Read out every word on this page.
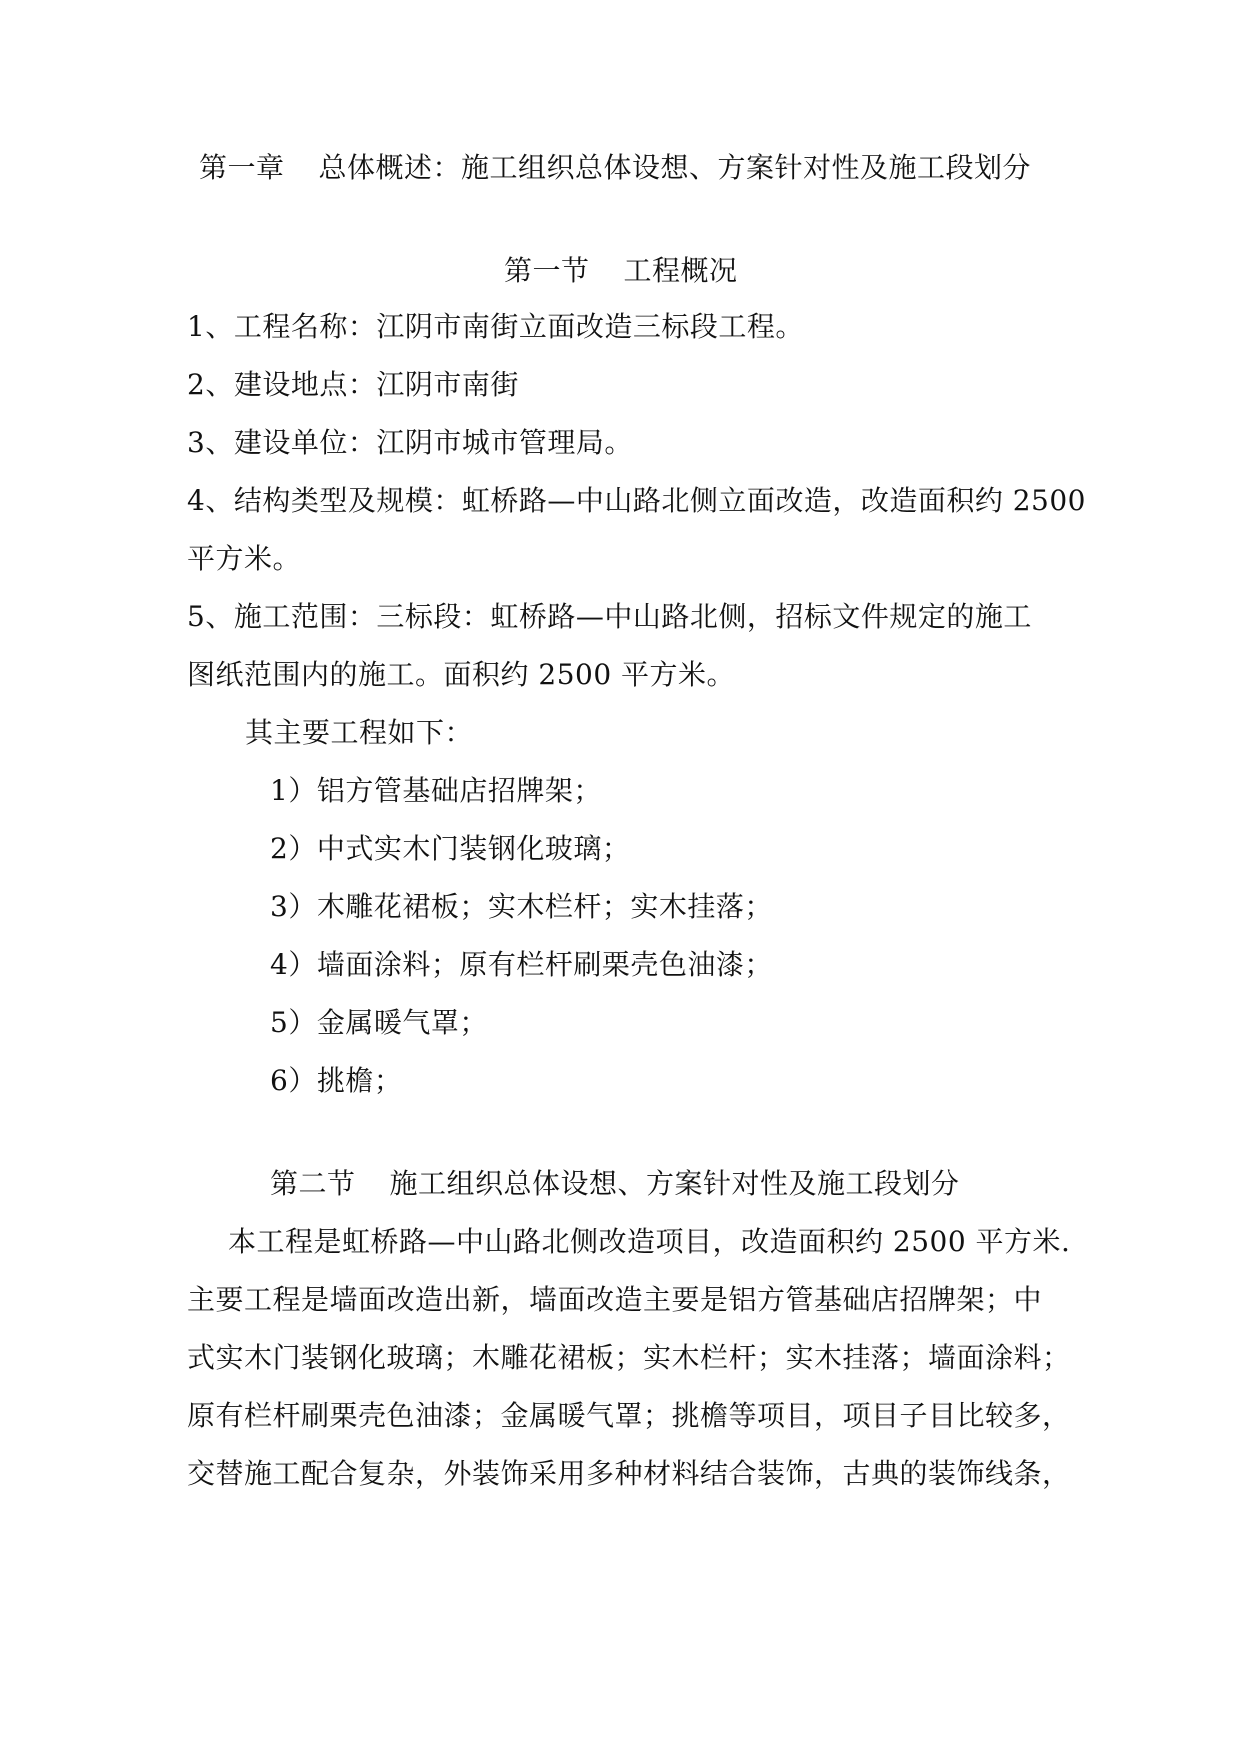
第一章 总体概述：施工组织总体设想、方案针对性及施工段划分
第一节 工程概况
1、工程名称：江阴市南街立面改造三标段工程。
2、建设地点：江阴市南街
3、建设单位：江阴市城市管理局。
4、结构类型及规模：虹桥路—中山路北侧立面改造，改造面积约 2500
平方米。
5、施工范围：三标段：虹桥路—中山路北侧，招标文件规定的施工
图纸范围内的施工。面积约 2500 平方米。
其主要工程如下：
1）铝方管基础店招牌架；
2）中式实木门装钢化玻璃；
3）木雕花裙板；实木栏杆；实木挂落；
4）墙面涂料；原有栏杆刷栗壳色油漆；
5）金属暖气罩；
6）挑檐；
第二节 施工组织总体设想、方案针对性及施工段划分
本工程是虹桥路—中山路北侧改造项目，改造面积约 2500 平方米.
主要工程是墙面改造出新，墙面改造主要是铝方管基础店招牌架；中
式实木门装钢化玻璃；木雕花裙板；实木栏杆；实木挂落；墙面涂料；
原有栏杆刷栗壳色油漆；金属暖气罩；挑檐等项目，项目子目比较多，
交替施工配合复杂，外装饰采用多种材料结合装饰，古典的装饰线条，
